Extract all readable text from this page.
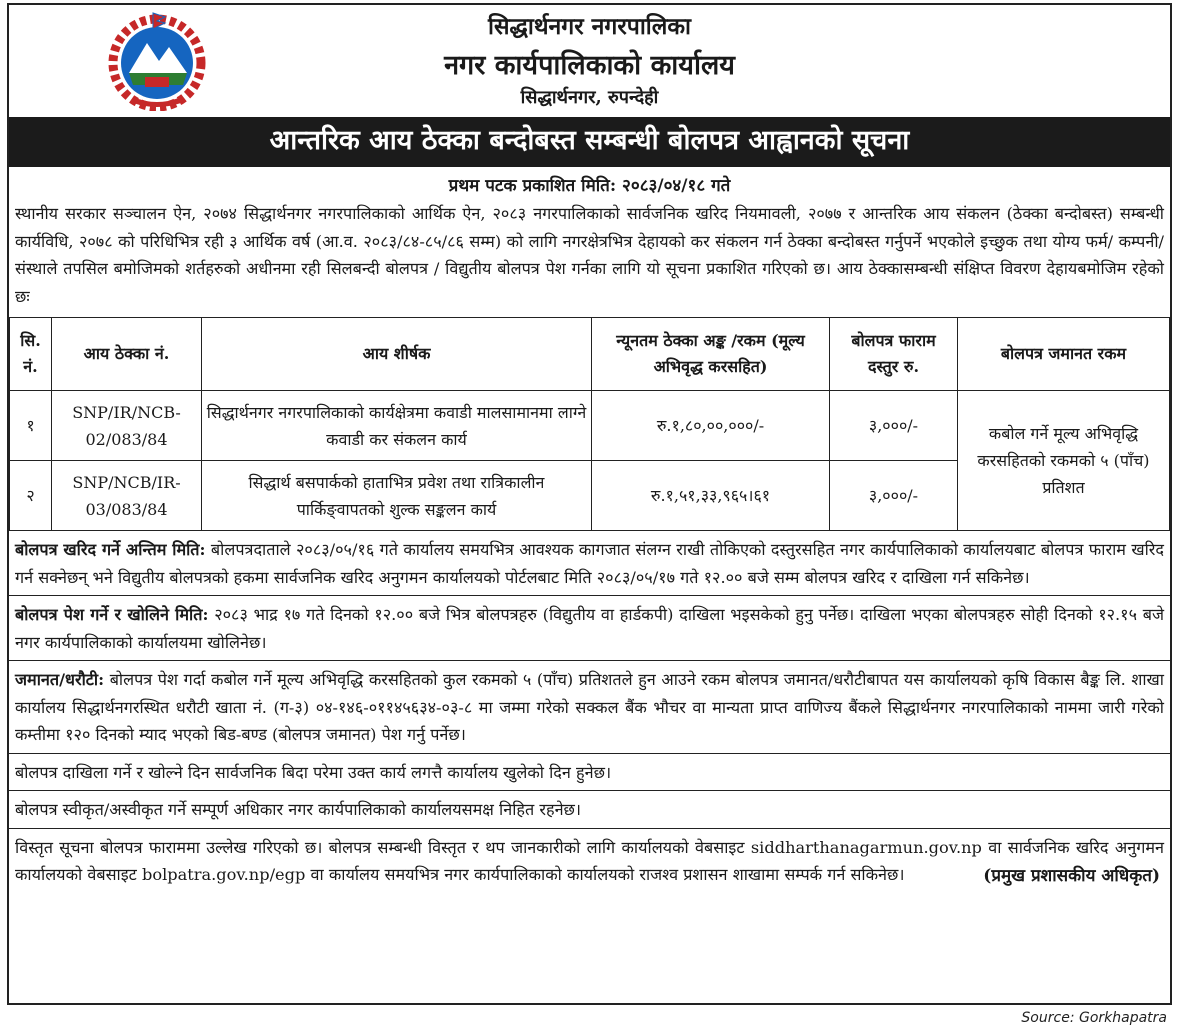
सिद्धार्थनगर नगरपालिका
नगर कार्यपालिकाको कार्यालय
सिद्धार्थनगर, रुपन्देही
आन्तरिक आय ठेक्का बन्दोबस्त सम्बन्धी बोलपत्र आह्वानको सूचना
प्रथम पटक प्रकाशित मिति: २०८३/०४/१८ गते

स्थानीय सरकार सञ्चालन ऐन, २०७४ सिद्धार्थनगर नगरपालिकाको आर्थिक ऐन, २०८३ नगरपालिकाको सार्वजनिक खरिद नियमावली, २०७७ र आन्तरिक आय संकलन (ठेक्का बन्दोबस्त) सम्बन्धी कार्यविधि, २०७८ को परिधिभित्र रही ३ आर्थिक वर्ष (आ.व. २०८३/८४-८५/८६ सम्म) को लागि नगरक्षेत्रभित्र देहायको कर संकलन गर्न ठेक्का बन्दोबस्त गर्नुपर्ने भएकोले इच्छुक तथा योग्य फर्म/ कम्पनी/संस्थाले तपसिल बमोजिमको शर्तहरुको अधीनमा रही सिलबन्दी बोलपत्र / विद्युतीय बोलपत्र पेश गर्नका लागि यो सूचना प्रकाशित गरिएको छ। आय ठेक्कासम्बन्धी संक्षिप्त विवरण देहायबमोजिम रहेको छः

सि. नं.	आय ठेक्का नं.	आय शीर्षक	न्यूनतम ठेक्का अङ्क /रकम (मूल्य अभिवृद्ध करसहित)	बोलपत्र फाराम दस्तुर रु.	बोलपत्र जमानत रकम
१	SNP/IR/NCB-02/083/84	सिद्धार्थनगर नगरपालिकाको कार्यक्षेत्रमा कवाडी मालसामानमा लाग्ने कवाडी कर संकलन कार्य	रु.१,८०,००,०००/-	३,०००/-	कबोल गर्ने मूल्य अभिवृद्धि करसहितको रकमको ५ (पाँच) प्रतिशत
२	SNP/NCB/IR-03/083/84	सिद्धार्थ बसपार्कको हाताभित्र प्रवेश तथा रात्रिकालीन पार्किङ्वापतको शुल्क सङ्कलन कार्य	रु.१,५१,३३,९६५।६१	३,०००/-	

बोलपत्र खरिद गर्ने अन्तिम मिति: बोलपत्रदाताले २०८३/०५/१६ गते कार्यालय समयभित्र आवश्यक कागजात संलग्न राखी तोकिएको दस्तुरसहित नगर कार्यपालिकाको कार्यालयबाट बोलपत्र फाराम खरिद गर्न सक्नेछन् भने विद्युतीय बोलपत्रको हकमा सार्वजनिक खरिद अनुगमन कार्यालयको पोर्टलबाट मिति २०८३/०५/१७ गते १२.०० बजे सम्म बोलपत्र खरिद र दाखिला गर्न सकिनेछ।

बोलपत्र पेश गर्ने र खोलिने मिति: २०८३ भाद्र १७ गते दिनको १२.०० बजे भित्र बोलपत्रहरु (विद्युतीय वा हार्डकपी) दाखिला भइसकेको हुनु पर्नेछ। दाखिला भएका बोलपत्रहरु सोही दिनको १२.१५ बजे नगर कार्यपालिकाको कार्यालयमा खोलिनेछ।

जमानत/धरौटी: बोलपत्र पेश गर्दा कबोल गर्ने मूल्य अभिवृद्धि करसहितको कुल रकमको ५ (पाँच) प्रतिशतले हुन आउने रकम बोलपत्र जमानत/धरौटीबापत यस कार्यालयको कृषि विकास बैङ्क लि. शाखा कार्यालय सिद्धार्थनगरस्थित धरौटी खाता नं. (ग-३) ०४-१४६-०११४५६३४-०३-८ मा जम्मा गरेको सक्कल बैंक भौचर वा मान्यता प्राप्त वाणिज्य बैंकले सिद्धार्थनगर नगरपालिकाको नाममा जारी गरेको कम्तीमा १२० दिनको म्याद भएको बिड-बण्ड (बोलपत्र जमानत) पेश गर्नु पर्नेछ।

बोलपत्र दाखिला गर्ने र खोल्ने दिन सार्वजनिक बिदा परेमा उक्त कार्य लगत्तै कार्यालय खुलेको दिन हुनेछ।

बोलपत्र स्वीकृत/अस्वीकृत गर्ने सम्पूर्ण अधिकार नगर कार्यपालिकाको कार्यालयसमक्ष निहित रहनेछ।

विस्तृत सूचना बोलपत्र फाराममा उल्लेख गरिएको छ। बोलपत्र सम्बन्धी विस्तृत र थप जानकारीको लागि कार्यालयको वेबसाइट siddharthanagarmun.gov.np वा सार्वजनिक खरिद अनुगमन कार्यालयको वेबसाइट bolpatra.gov.np/egp वा कार्यालय समयभित्र नगर कार्यपालिकाको कार्यालयको राजश्व प्रशासन शाखामा सम्पर्क गर्न सकिनेछ।	(प्रमुख प्रशासकीय अधिकृत)
Source: Gorkhapatra
